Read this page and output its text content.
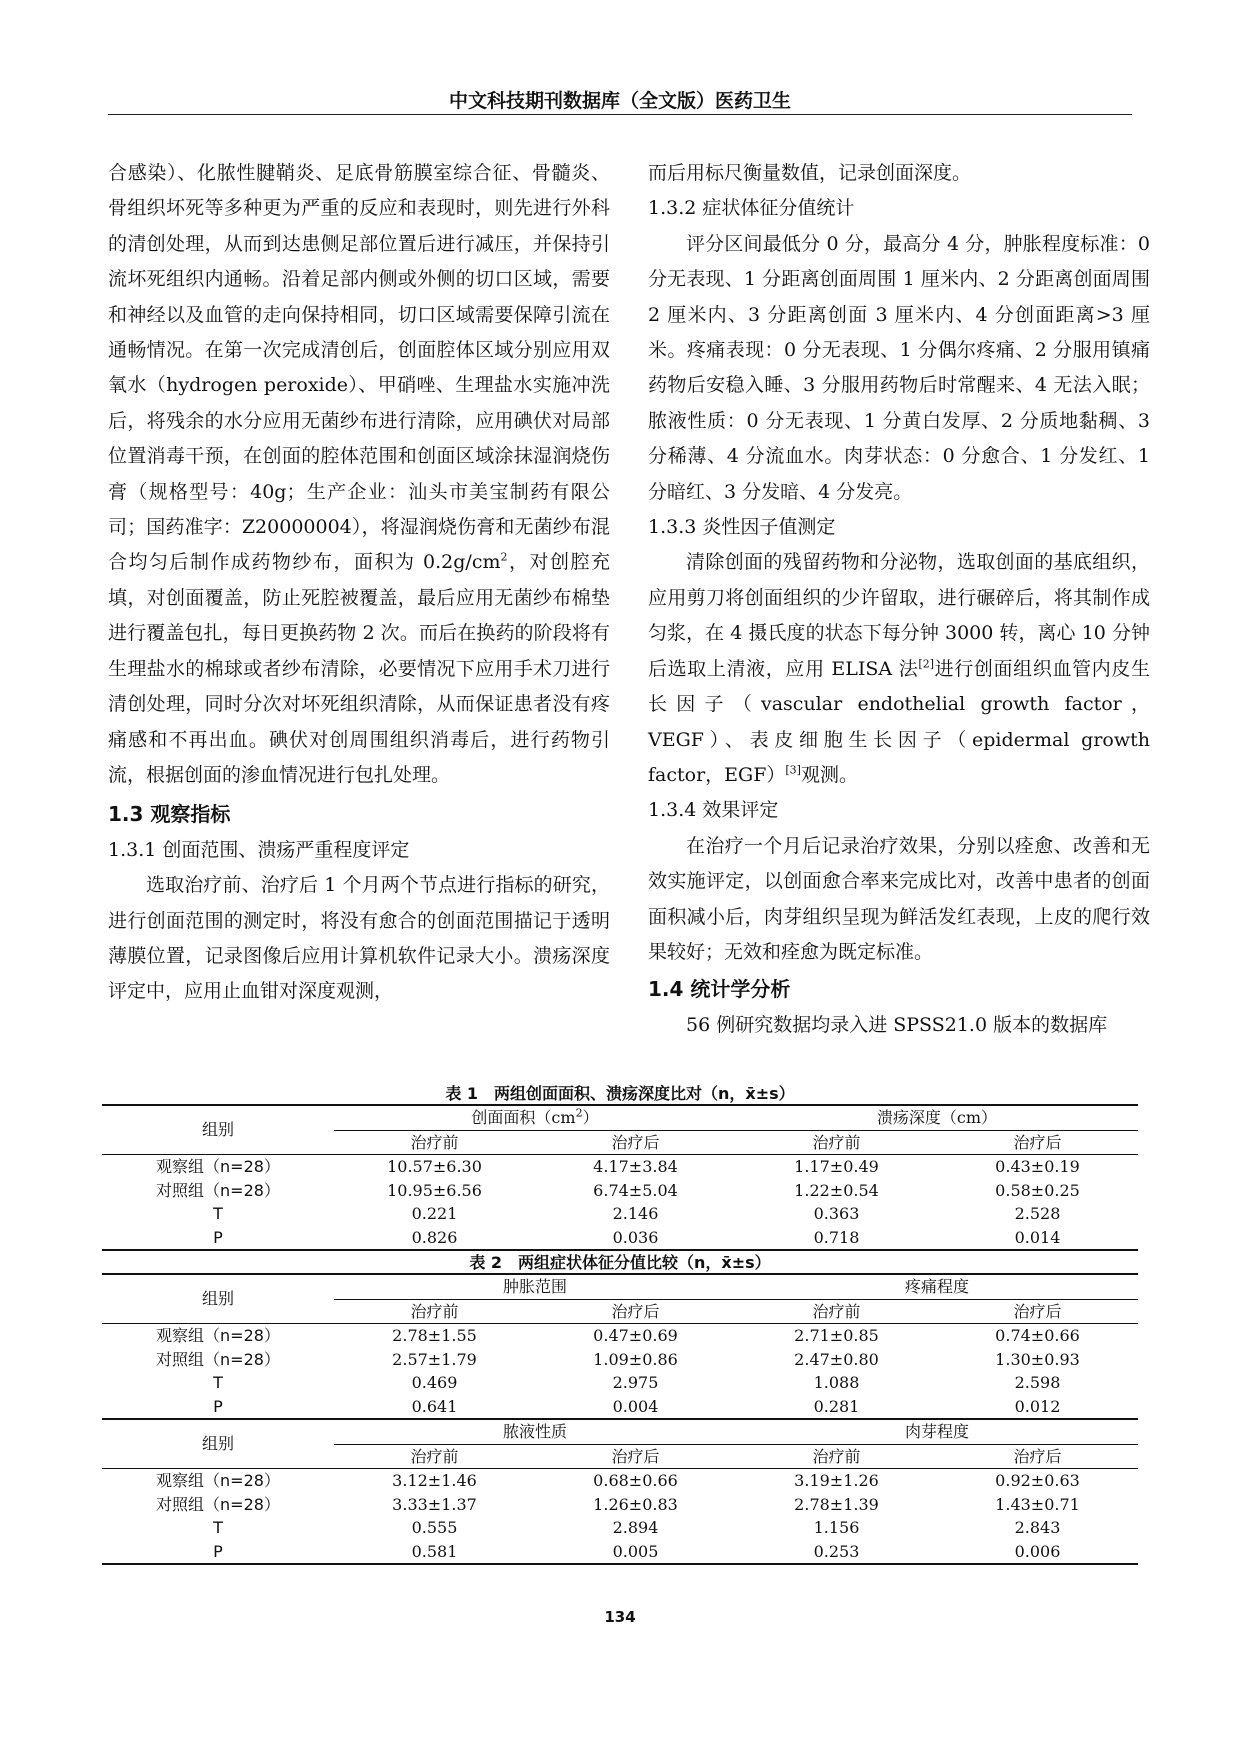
中文科技期刊数据库（全文版）医药卫生

合感染）、化脓性腱鞘炎、足底骨筋膜室综合征、骨髓炎、骨组织坏死等多种更为严重的反应和表现时，则先进行外科的清创处理，从而到达患侧足部位置后进行减压，并保持引流坏死组织内通畅。沿着足部内侧或外侧的切口区域，需要和神经以及血管的走向保持相同，切口区域需要保障引流在通畅情况。在第一次完成清创后，创面腔体区域分别应用双氧水（hydrogen peroxide）、甲硝唑、生理盐水实施冲洗后，将残余的水分应用无菌纱布进行清除，应用碘伏对局部位置消毒干预，在创面的腔体范围和创面区域涂抹湿润烧伤膏（规格型号：40g；生产企业：汕头市美宝制药有限公司；国药准字：Z20000004），将湿润烧伤膏和无菌纱布混合均匀后制作成药物纱布，面积为 $0.2g/cm^2$，对创腔充填，对创面覆盖，防止死腔被覆盖，最后应用无菌纱布棉垫进行覆盖包扎，每日更换药物 2 次。而后在换药的阶段将有生理盐水的棉球或者纱布清除，必要情况下应用手术刀进行清创处理，同时分次对坏死组织清除，从而保证患者没有疼痛感和不再出血。碘伏对创周围组织消毒后，进行药物引流，根据创面的渗血情况进行包扎处理。

1.3 观察指标
1.3.1 创面范围、溃疡严重程度评定

选取治疗前、治疗后 1 个月两个节点进行指标的研究，进行创面范围的测定时，将没有愈合的创面范围描记于透明薄膜位置，记录图像后应用计算机软件记录大小。溃疡深度评定中，应用止血钳对深度观测，

而后用标尺衡量数值，记录创面深度。

1.3.2 症状体征分值统计

评分区间最低分 0 分，最高分 4 分，肿胀程度标准：0 分无表现、1 分距离创面周围 1 厘米内、2 分距离创面周围 2 厘米内、3 分距离创面 3 厘米内、4 分创面距离>3 厘米。疼痛表现：0 分无表现、1 分偶尔疼痛、2 分服用镇痛药物后安稳入睡、3 分服用药物后时常醒来、4 无法入眠；脓液性质：0 分无表现、1 分黄白发厚、2 分质地黏稠、3 分稀薄、4 分流血水。肉芽状态：0 分愈合、1 分发红、1 分暗红、3 分发暗、4 分发亮。

1.3.3 炎性因子值测定

清除创面的残留药物和分泌物，选取创面的基底组织，应用剪刀将创面组织的少许留取，进行碾碎后，将其制作成匀浆，在 4 摄氏度的状态下每分钟 3000 转，离心 10 分钟后选取上清液，应用 ELISA 法[2]进行创面组织血管内皮生长因子（vascular endothelial growth factor，VEGF）、表皮细胞生长因子（epidermal growth factor，EGF）[3]观测。

1.3.4 效果评定

在治疗一个月后记录治疗效果，分别以痊愈、改善和无效实施评定，以创面愈合率来完成比对，改善中患者的创面面积减小后，肉芽组织呈现为鲜活发红表现，上皮的爬行效果较好；无效和痊愈为既定标准。

1.4 统计学分析

56 例研究数据均录入进 SPSS21.0 版本的数据库

表 1　两组创面面积、溃疡深度比对（n，x̄±s）
组别	创面面积$(cm^2)$		溃疡深度（cm）	
	治疗前	治疗后	治疗前	治疗后
观察组（n=28）	10.57±6.30	4.17±3.84	1.17±0.49	0.43±0.19
对照组（n=28）	10.95±6.56	6.74±5.04	1.22±0.54	0.58±0.25
T	0.221	2.146	0.363	2.528
P	0.826	0.036	0.718	0.014
表 2　两组症状体征分值比较（n，x̄±s）
组别	肿胀范围		疼痛程度	
	治疗前	治疗后	治疗前	治疗后
观察组（n=28）	2.78±1.55	0.47±0.69	2.71±0.85	0.74±0.66
对照组（n=28）	2.57±1.79	1.09±0.86	2.47±0.80	1.30±0.93
T	0.469	2.975	1.088	2.598
P	0.641	0.004	0.281	0.012
组别	脓液性质		肉芽程度	
	治疗前	治疗后	治疗前	治疗后
观察组（n=28）	3.12±1.46	0.68±0.66	3.19±1.26	0.92±0.63
对照组（n=28）	3.33±1.37	1.26±0.83	2.78±1.39	1.43±0.71
T	0.555	2.894	1.156	2.843
P	0.581	0.005	0.253	0.006
134
